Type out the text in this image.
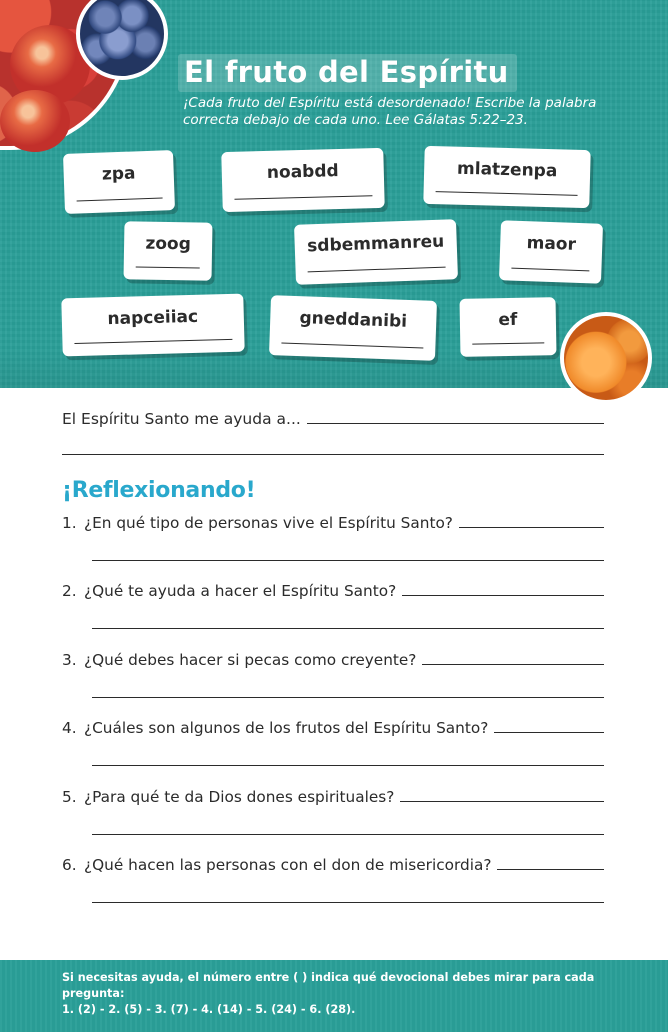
El fruto del Espíritu
¡Cada fruto del Espíritu está desordenado! Escribe la palabra correcta debajo de cada uno. Lee Gálatas 5:22–23.
zpa	noabdd	mlatzenpa
zoog	sdbemmanreu	maor
napceiiac	gneddanibi	ef
El Espíritu Santo me ayuda a...
¡Reflexionando!
1. ¿En qué tipo de personas vive el Espíritu Santo?
2. ¿Qué te ayuda a hacer el Espíritu Santo?
3. ¿Qué debes hacer si pecas como creyente?
4. ¿Cuáles son algunos de los frutos del Espíritu Santo?
5. ¿Para qué te da Dios dones espirituales?
6. ¿Qué hacen las personas con el don de misericordia?
Si necesitas ayuda, el número entre ( ) indica qué devocional debes mirar para cada pregunta:
1. (2) - 2. (5) - 3. (7) - 4. (14) - 5. (24) - 6. (28).
